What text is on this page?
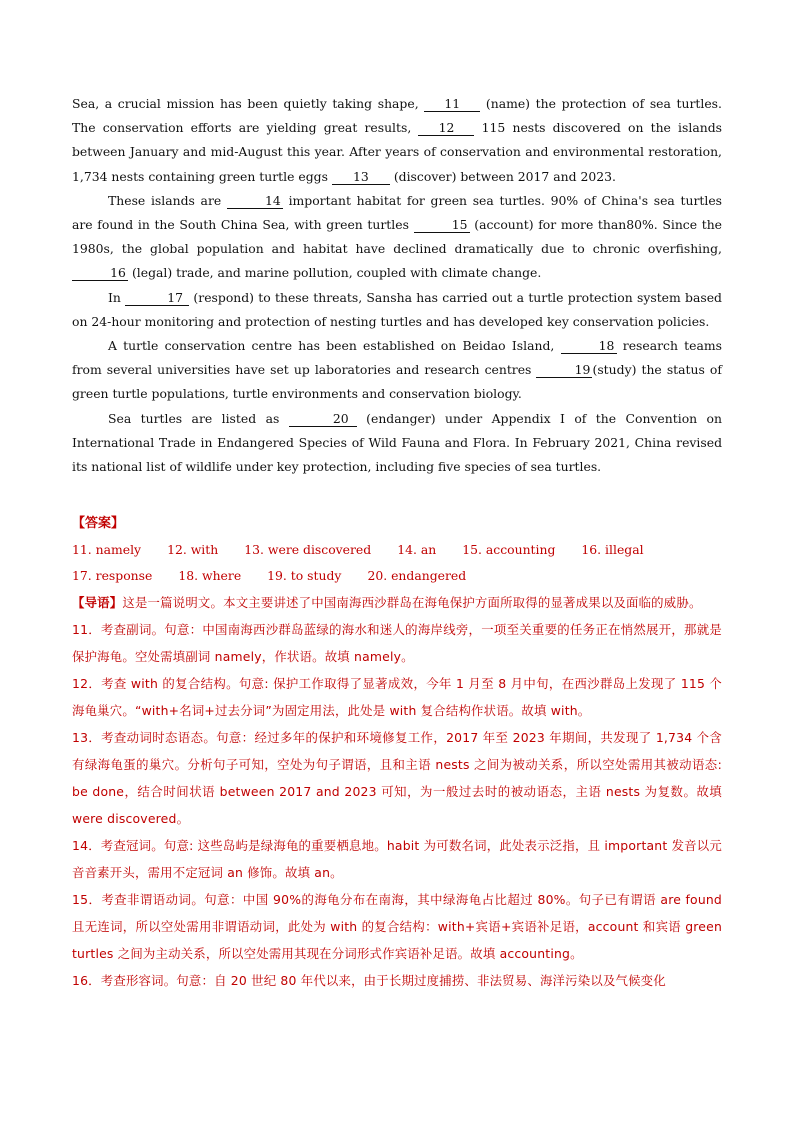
Sea, a crucial mission has been quietly taking shape, 11 (name) the protection of sea turtles. The conservation efforts are yielding great results, 12 115 nests discovered on the islands between January and mid-August this year. After years of conservation and environmental restoration, 1,734 nests containing green turtle eggs 13 (discover) between 2017 and 2023.

These islands are	14 important habitat for green sea turtles. 90% of China's sea turtles are found in the South China Sea, with green turtles	15 (account) for more than80%. Since the 1980s, the global population and habitat have declined dramatically due to chronic overfishing, 16 (legal) trade, and marine pollution, coupled with climate change.

In	17 (respond) to these threats, Sansha has carried out a turtle protection system based on 24-hour monitoring and protection of nesting turtles and has developed key conservation policies.

A turtle conservation centre has been established on Beidao Island,	18 research teams from several universities have set up laboratories and research centres	19 (study) the status of green turtle populations, turtle environments and conservation biology.

Sea turtles are listed as	20 (endanger) under Appendix I of the Convention on International Trade in Endangered Species of Wild Fauna and Flora. In February 2021, China revised its national list of wildlife under key protection, including five species of sea turtles.

【答案】
11. namely 12. with 13. were discovered 14. an 15. accounting 16. illegal17. response 18. where 19. to study 20. endangered

【导语】这是一篇说明文。本文主要讲述了中国南海西沙群岛在海龟保护方面所取得的显著成果以及面临的威胁。

11．考查副词。句意：中国南海西沙群岛蓝绿的海水和迷人的海岸线旁，一项至关重要的任务正在悄然展开，那就是保护海龟。空处需填副词 namely，作状语。故填 namely。

12．考查 with 的复合结构。句意: 保护工作取得了显著成效，今年 1 月至 8 月中旬，在西沙群岛上发现了 115 个海龟巢穴。“with+名词+过去分词”为固定用法，此处是 with 复合结构作状语。故填 with。

13．考查动词时态语态。句意：经过多年的保护和环境修复工作，2017 年至 2023 年期间，共发现了 1,734 个含有绿海龟蛋的巢穴。分析句子可知，空处为句子谓语，且和主语 nests 之间为被动关系，所以空处需用其被动语态: be done，结合时间状语 between 2017 and 2023 可知，为一般过去时的被动语态，主语 nests 为复数。故填 were discovered。

14．考查冠词。句意: 这些岛屿是绿海龟的重要栖息地。habit 为可数名词，此处表示泛指，且 important 发音以元音音素开头，需用不定冠词 an 修饰。故填 an。

15．考查非谓语动词。句意：中国 90%的海龟分布在南海，其中绿海龟占比超过 80%。句子已有谓语 are found 且无连词，所以空处需用非谓语动词，此处为 with 的复合结构：with+宾语+宾语补足语，account 和宾语 green turtles 之间为主动关系，所以空处需用其现在分词形式作宾语补足语。故填 accounting。

16．考查形容词。句意：自 20 世纪 80 年代以来，由于长期过度捕捞、非法贸易、海洋污染以及气候变化
